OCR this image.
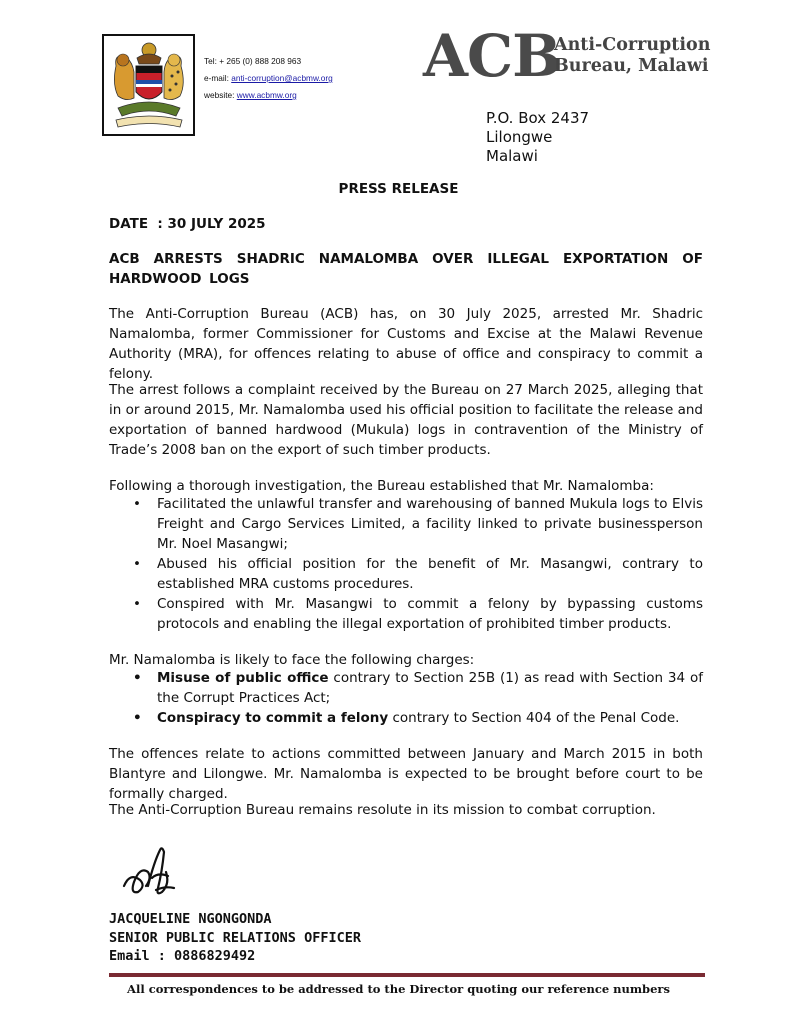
Tel: + 265 (0) 888 208 963
e-mail: anti-corruption@acbmw.org
website: www.acbmw.org
ACB
Anti-Corruption
Bureau, Malawi
P.O. Box 2437
Lilongwe
Malawi
PRESS RELEASE
DATE  : 30 JULY 2025
ACB ARRESTS SHADRIC NAMALOMBA OVER ILLEGAL EXPORTATION OF HARDWOOD LOGS

The Anti-Corruption Bureau (ACB) has, on 30 July 2025, arrested Mr. Shadric Namalomba, former Commissioner for Customs and Excise at the Malawi Revenue Authority (MRA), for offences relating to abuse of office and conspiracy to commit a felony.

The arrest follows a complaint received by the Bureau on 27 March 2025, alleging that in or around 2015, Mr. Namalomba used his official position to facilitate the release and exportation of banned hardwood (Mukula) logs in contravention of the Ministry of Trade’s 2008 ban on the export of such timber products.

Following a thorough investigation, the Bureau established that Mr. Namalomba:

• Facilitated the unlawful transfer and warehousing of banned Mukula logs to Elvis Freight and Cargo Services Limited, a facility linked to private businessperson Mr. Noel Masangwi;
• Abused his official position for the benefit of Mr. Masangwi, contrary to established MRA customs procedures.
• Conspired with Mr. Masangwi to commit a felony by bypassing customs protocols and enabling the illegal exportation of prohibited timber products.

Mr. Namalomba is likely to face the following charges:

• Misuse of public office contrary to Section 25B (1) as read with Section 34 of the Corrupt Practices Act;
• Conspiracy to commit a felony contrary to Section 404 of the Penal Code.

The offences relate to actions committed between January and March 2015 in both Blantyre and Lilongwe. Mr. Namalomba is expected to be brought before court to be formally charged.

The Anti-Corruption Bureau remains resolute in its mission to combat corruption.

JACQUELINE NGONGONDA
SENIOR PUBLIC RELATIONS OFFICER
Email : 0886829492
All correspondences to be addressed to the Director quoting our reference numbers
